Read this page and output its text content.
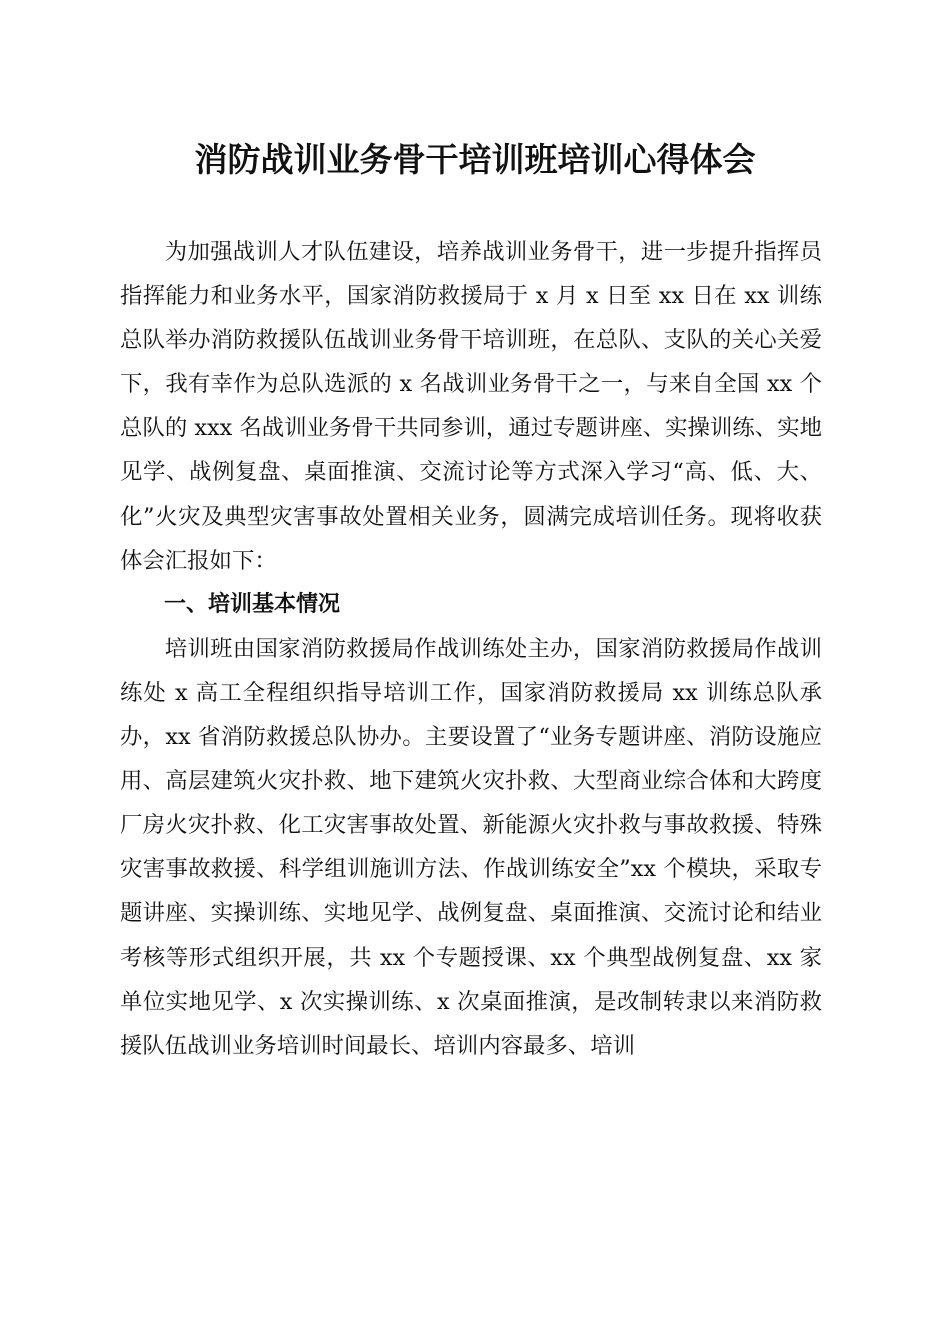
消防战训业务骨干培训班培训心得体会

为加强战训人才队伍建设，培养战训业务骨干，进一步提升指挥员指挥能力和业务水平，国家消防救援局于 x 月 x 日至 xx 日在 xx 训练总队举办消防救援队伍战训业务骨干培训班，在总队、支队的关心关爱下，我有幸作为总队选派的 x 名战训业务骨干之一，与来自全国 xx 个总队的 xxx 名战训业务骨干共同参训，通过专题讲座、实操训练、实地见学、战例复盘、桌面推演、交流讨论等方式深入学习“高、低、大、化”火灾及典型灾害事故处置相关业务，圆满完成培训任务。现将收获体会汇报如下：

一、培训基本情况

培训班由国家消防救援局作战训练处主办，国家消防救援局作战训练处 x 高工全程组织指导培训工作，国家消防救援局 xx 训练总队承办，xx 省消防救援总队协办。主要设置了“业务专题讲座、消防设施应用、高层建筑火灾扑救、地下建筑火灾扑救、大型商业综合体和大跨度厂房火灾扑救、化工灾害事故处置、新能源火灾扑救与事故救援、特殊灾害事故救援、科学组训施训方法、作战训练安全”xx 个模块，采取专题讲座、实操训练、实地见学、战例复盘、桌面推演、交流讨论和结业考核等形式组织开展，共 xx 个专题授课、xx 个典型战例复盘、xx 家单位实地见学、x 次实操训练、x 次桌面推演，是改制转隶以来消防救援队伍战训业务培训时间最长、培训内容最多、培训
